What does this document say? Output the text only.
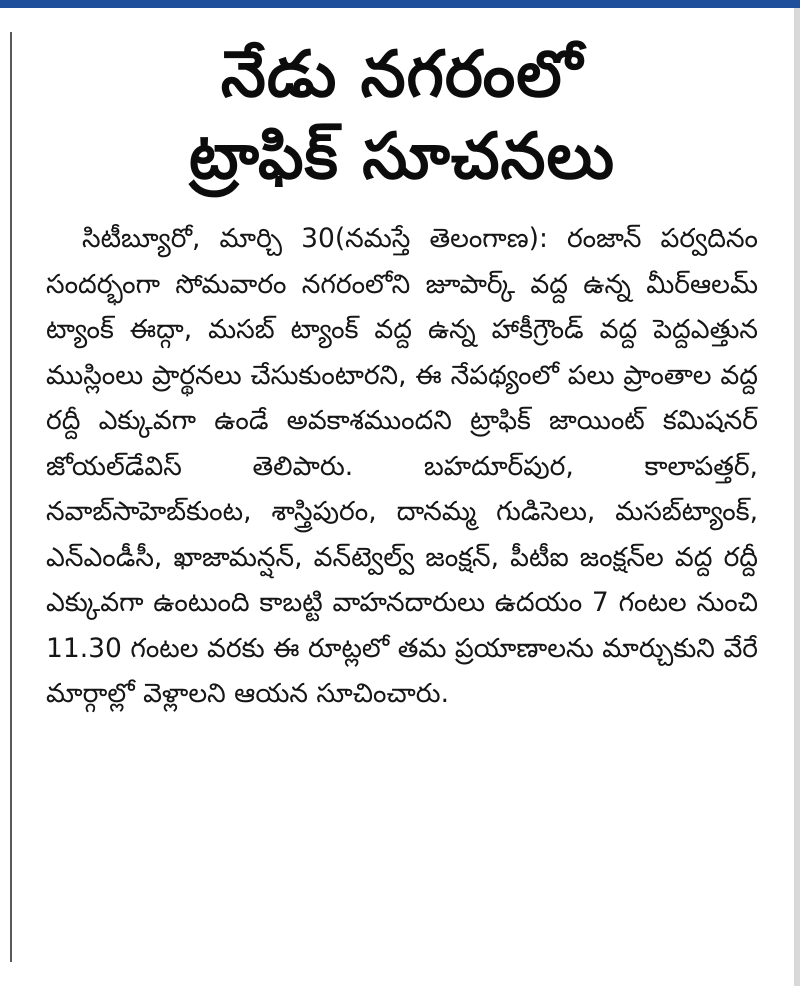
నేడు నగరంలో
ట్రాఫిక్ సూచనలు
సిటీబ్యూరో, మార్చి 30(నమస్తే తెలంగాణ): రంజాన్ పర్వదినం సందర్భంగా సోమవారం నగరంలోని జూపార్క్ వద్ద ఉన్న మీర్‌ఆలమ్ ట్యాంక్ ఈద్గా, మసబ్ ట్యాంక్ వద్ద ఉన్న హాకీగ్రౌండ్ వద్ద పెద్దఎత్తున ముస్లింలు ప్రార్థనలు చేసుకుంటారని, ఈ నేపథ్యంలో పలు ప్రాంతాల వద్ద రద్దీ ఎక్కువగా ఉండే అవకాశముందని ట్రాఫిక్ జాయింట్ కమిషనర్ జోయల్‌డేవిస్ తెలిపారు. బహదూర్‌పుర, కాలాపత్తర్, నవాబ్‌సాహెబ్‌కుంట, శాస్త్రిపురం, దానమ్మ గుడిసెలు, మసబ్‌ట్యాంక్, ఎన్‌ఎండీసీ, ఖాజామన్షన్, వన్‌ట్వెల్వ్ జంక్షన్, పీటీఐ జంక్షన్‌ల వద్ద రద్దీ ఎక్కువగా ఉంటుంది కాబట్టి వాహనదారులు ఉదయం 7 గంటల నుంచి 11.30 గంటల వరకు ఈ రూట్లలో తమ ప్రయాణాలను మార్చుకుని వేరే మార్గాల్లో వెళ్లాలని ఆయన సూచించారు.
